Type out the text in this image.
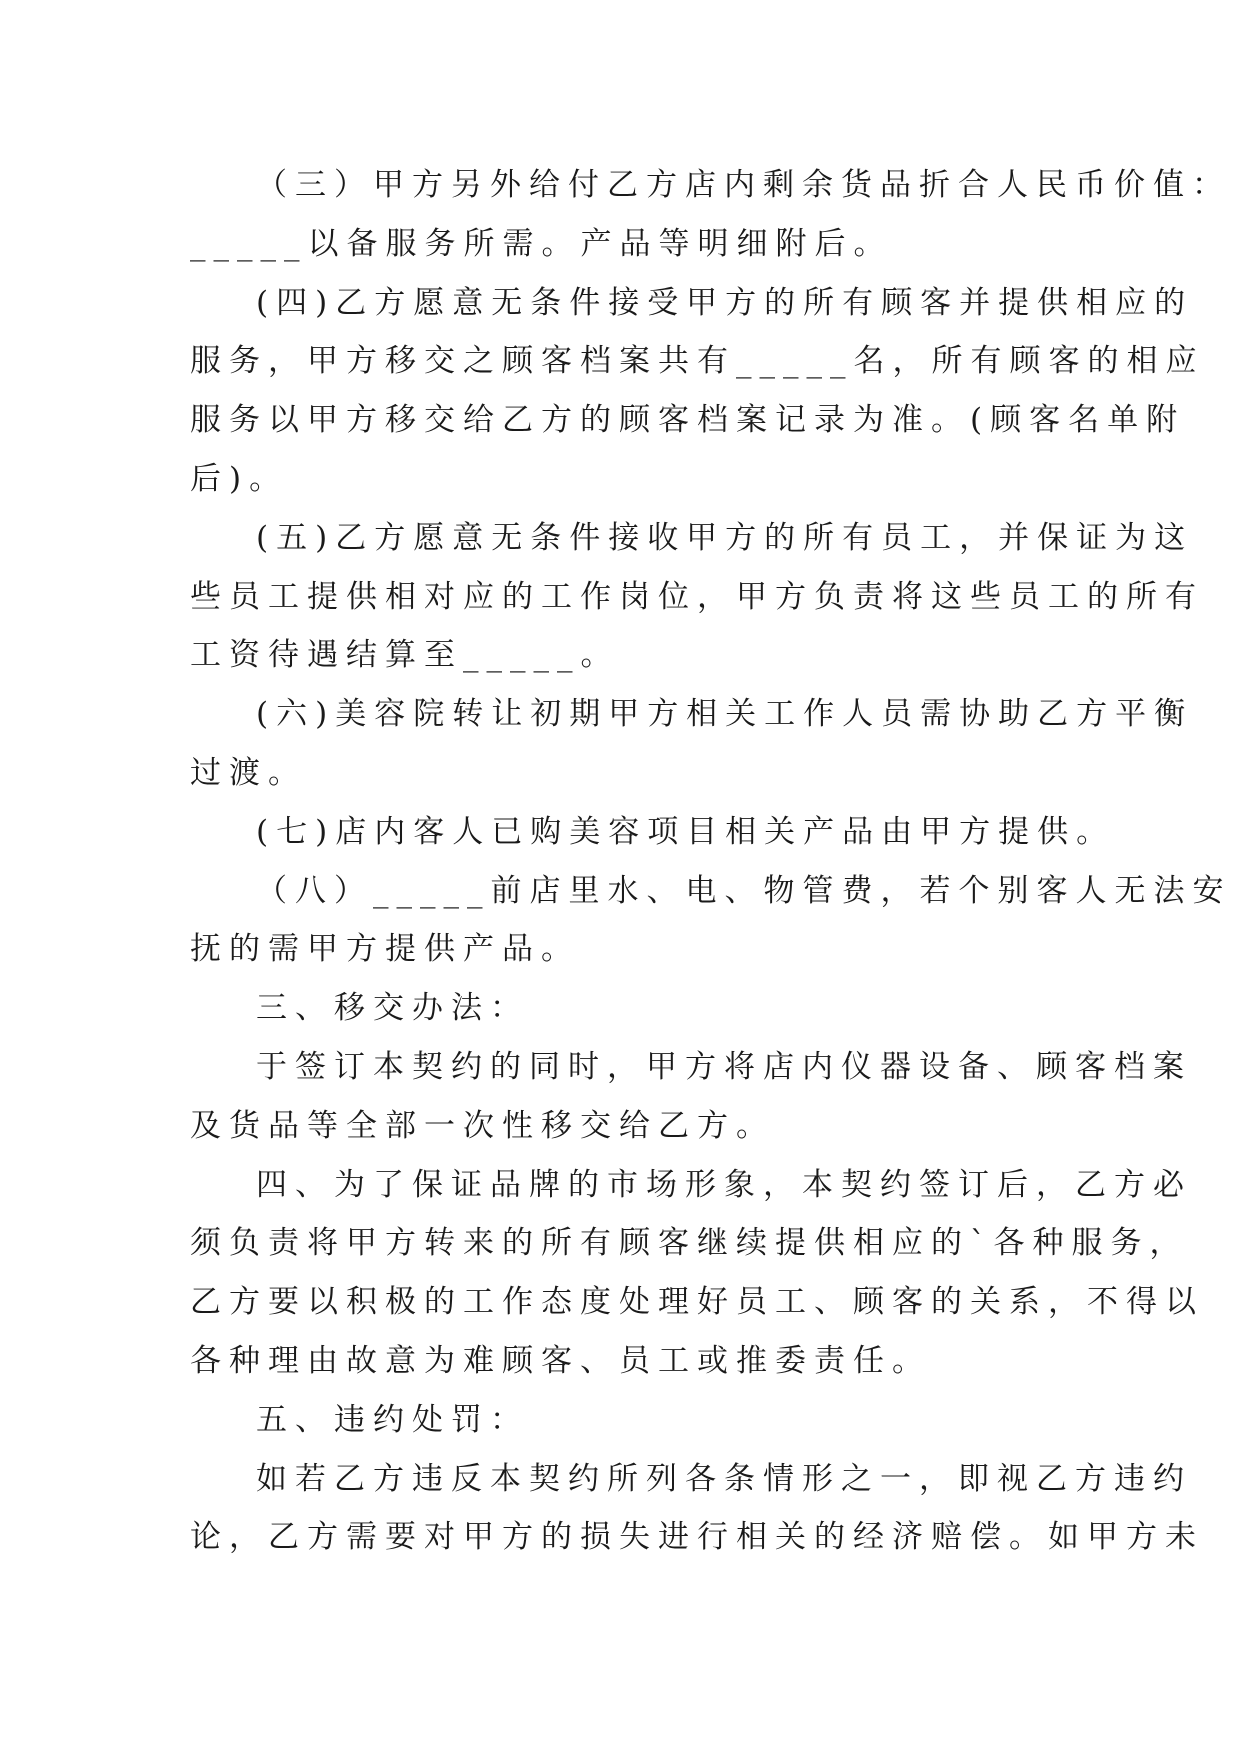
（三）甲方另外给付乙方店内剩余货品折合人民币价值：
_____以备服务所需。产品等明细附后。
(四)乙方愿意无条件接受甲方的所有顾客并提供相应的
服务，甲方移交之顾客档案共有_____名，所有顾客的相应
服务以甲方移交给乙方的顾客档案记录为准。(顾客名单附
后)。
(五)乙方愿意无条件接收甲方的所有员工，并保证为这
些员工提供相对应的工作岗位，甲方负责将这些员工的所有
工资待遇结算至_____。
(六)美容院转让初期甲方相关工作人员需协助乙方平衡
过渡。
(七)店内客人已购美容项目相关产品由甲方提供。
（八）_____前店里水、电、物管费，若个别客人无法安
抚的需甲方提供产品。
三、移交办法：
于签订本契约的同时，甲方将店内仪器设备、顾客档案
及货品等全部一次性移交给乙方。
四、为了保证品牌的市场形象，本契约签订后，乙方必
须负责将甲方转来的所有顾客继续提供相应的`各种服务，
乙方要以积极的工作态度处理好员工、顾客的关系，不得以
各种理由故意为难顾客、员工或推委责任。
五、违约处罚：
如若乙方违反本契约所列各条情形之一，即视乙方违约
论，乙方需要对甲方的损失进行相关的经济赔偿。如甲方未
